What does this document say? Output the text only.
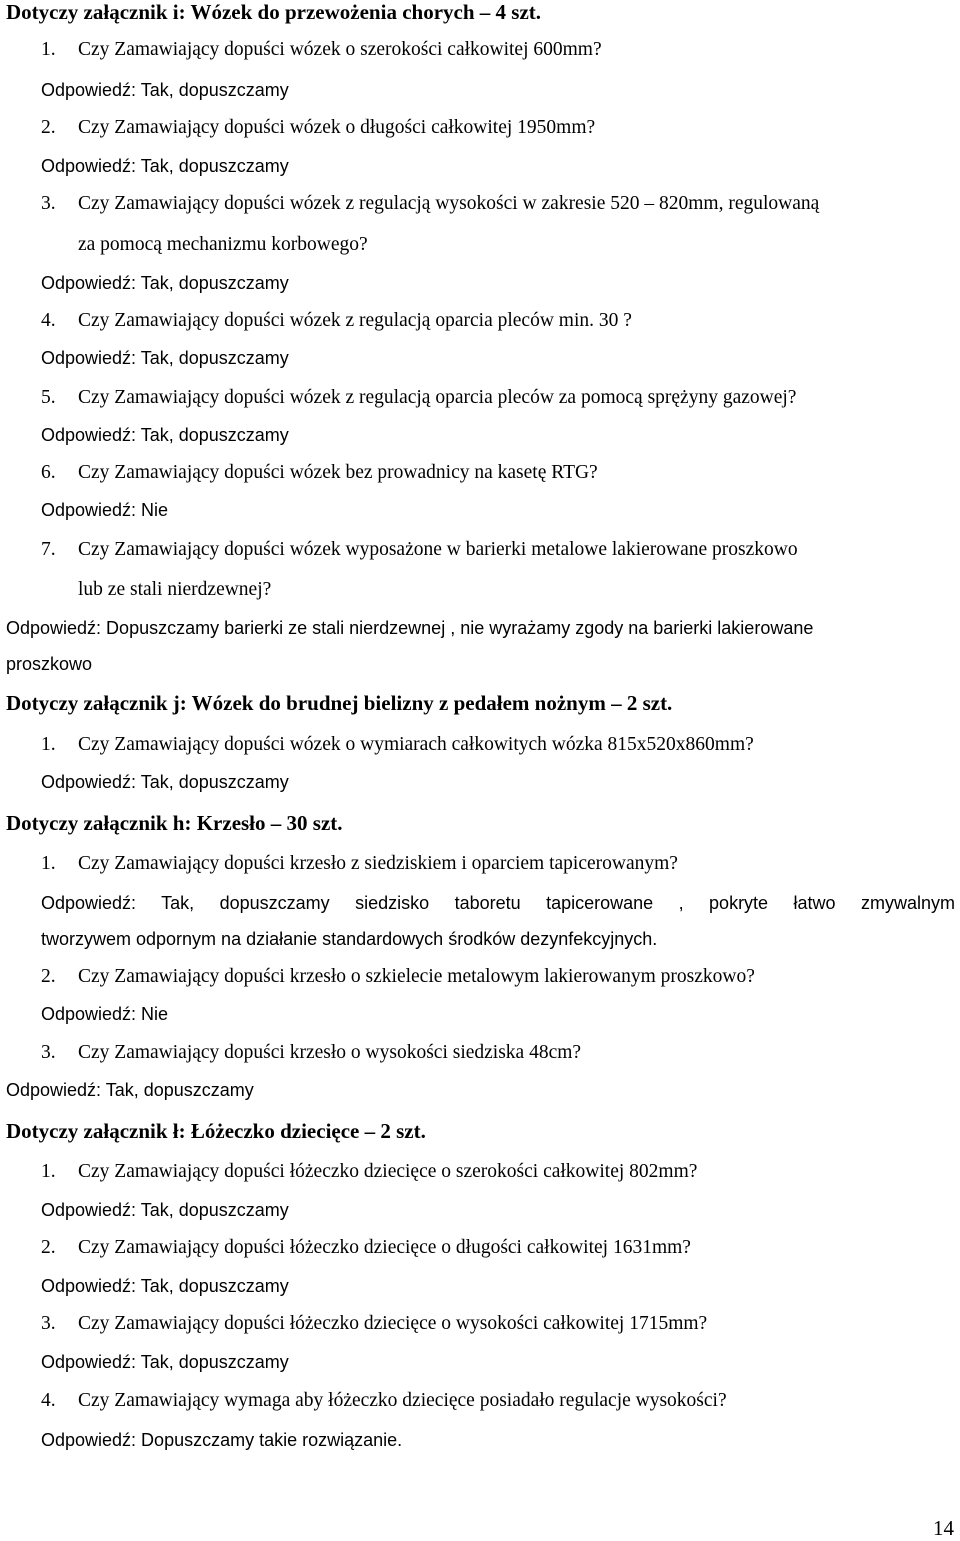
Dotyczy załącznik i: Wózek do przewożenia chorych – 4 szt.
1. Czy Zamawiający dopuści wózek o szerokości całkowitej 600mm?
Odpowiedź: Tak, dopuszczamy
2. Czy Zamawiający dopuści wózek o długości całkowitej 1950mm?
Odpowiedź: Tak, dopuszczamy
3. Czy Zamawiający dopuści wózek z regulacją wysokości w zakresie 520 – 820mm, regulowaną
za pomocą mechanizmu korbowego?
Odpowiedź: Tak, dopuszczamy
4. Czy Zamawiający dopuści wózek z regulacją oparcia pleców min. 30 ?
Odpowiedź: Tak, dopuszczamy
5. Czy Zamawiający dopuści wózek z regulacją oparcia pleców za pomocą sprężyny gazowej?
Odpowiedź: Tak, dopuszczamy
6. Czy Zamawiający dopuści wózek bez prowadnicy na kasetę RTG?
Odpowiedź: Nie
7. Czy Zamawiający dopuści wózek wyposażone w barierki metalowe lakierowane proszkowo
lub ze stali nierdzewnej?
Odpowiedź: Dopuszczamy barierki ze stali nierdzewnej , nie wyrażamy zgody na barierki lakierowane
proszkowo
Dotyczy załącznik j: Wózek do brudnej bielizny z pedałem nożnym – 2 szt.
1. Czy Zamawiający dopuści wózek o wymiarach całkowitych wózka 815x520x860mm?
Odpowiedź: Tak, dopuszczamy
Dotyczy załącznik h: Krzesło – 30 szt.
1. Czy Zamawiający dopuści krzesło z siedziskiem i oparciem tapicerowanym?
Odpowiedź: Tak, dopuszczamy siedzisko taboretu tapicerowane , pokryte łatwo zmywalnym
tworzywem odpornym na działanie standardowych środków dezynfekcyjnych.
2. Czy Zamawiający dopuści krzesło o szkielecie metalowym lakierowanym proszkowo?
Odpowiedź: Nie
3. Czy Zamawiający dopuści krzesło o wysokości siedziska 48cm?
Odpowiedź: Tak, dopuszczamy
Dotyczy załącznik ł: Łóżeczko dziecięce – 2 szt.
1. Czy Zamawiający dopuści łóżeczko dziecięce o szerokości całkowitej 802mm?
Odpowiedź: Tak, dopuszczamy
2. Czy Zamawiający dopuści łóżeczko dziecięce o długości całkowitej 1631mm?
Odpowiedź: Tak, dopuszczamy
3. Czy Zamawiający dopuści łóżeczko dziecięce o wysokości całkowitej 1715mm?
Odpowiedź: Tak, dopuszczamy
4. Czy Zamawiający wymaga aby łóżeczko dziecięce posiadało regulacje wysokości?
Odpowiedź: Dopuszczamy takie rozwiązanie.
14
